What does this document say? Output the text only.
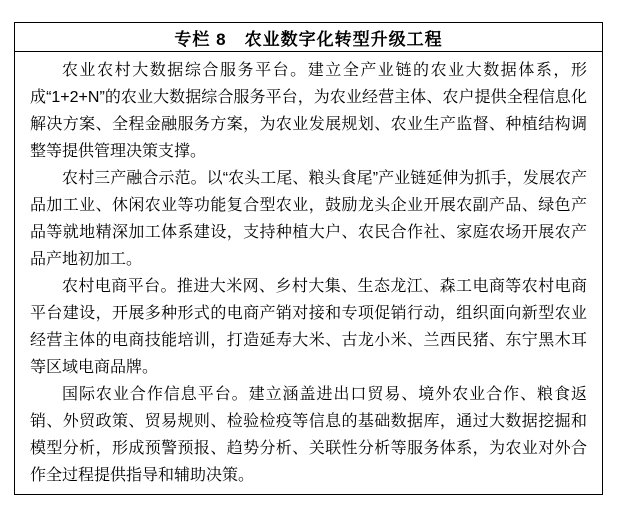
专栏 8　农业数字化转型升级工程

农业农村大数据综合服务平台。建立全产业链的农业大数据体系，形成“1+2+N”的农业大数据综合服务平台，为农业经营主体、农户提供全程信息化解决方案、全程金融服务方案，为农业发展规划、农业生产监督、种植结构调整等提供管理决策支撑。

农村三产融合示范。以“农头工尾、粮头食尾”产业链延伸为抓手，发展农产品加工业、休闲农业等功能复合型农业，鼓励龙头企业开展农副产品、绿色产品等就地精深加工体系建设，支持种植大户、农民合作社、家庭农场开展农产品产地初加工。

农村电商平台。推进大米网、乡村大集、生态龙江、森工电商等农村电商平台建设，开展多种形式的电商产销对接和专项促销行动，组织面向新型农业经营主体的电商技能培训，打造延寿大米、古龙小米、兰西民猪、东宁黑木耳等区域电商品牌。

国际农业合作信息平台。建立涵盖进出口贸易、境外农业合作、粮食返销、外贸政策、贸易规则、检验检疫等信息的基础数据库，通过大数据挖掘和模型分析，形成预警预报、趋势分析、关联性分析等服务体系，为农业对外合作全过程提供指导和辅助决策。
